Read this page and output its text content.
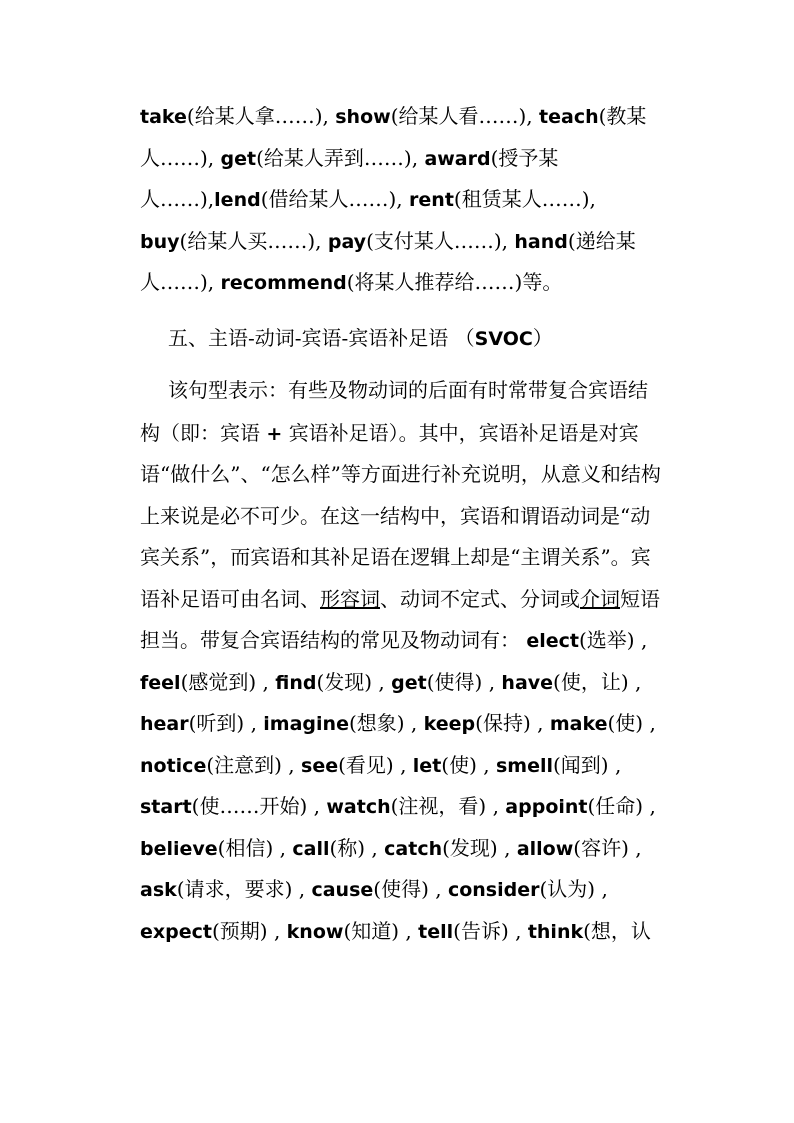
take(给某人拿……), show(给某人看……), teach(教某
人……), get(给某人弄到……), award(授予某
人……),lend(借给某人……), rent(租赁某人……),
buy(给某人买……), pay(支付某人……), hand(递给某
人……), recommend(将某人推荐给……)等。
五、主语-动词-宾语-宾语补足语 （SVOC）
该句型表示：有些及物动词的后面有时常带复合宾语结
构（即：宾语 + 宾语补足语）。其中，宾语补足语是对宾
语“做什么”、“怎么样”等方面进行补充说明，从意义和结构
上来说是必不可少。在这一结构中，宾语和谓语动词是“动
宾关系”，而宾语和其补足语在逻辑上却是“主谓关系”。宾
语补足语可由名词、形容词、动词不定式、分词或介词短语
担当。带复合宾语结构的常见及物动词有： elect(选举) ,
feel(感觉到) , find(发现) , get(使得) , have(使，让) ,
hear(听到) , imagine(想象) , keep(保持) , make(使) ,
notice(注意到) , see(看见) , let(使) , smell(闻到) ,
start(使……开始) , watch(注视，看) , appoint(任命) ,
believe(相信) , call(称) , catch(发现) , allow(容许) ,
ask(请求，要求) , cause(使得) , consider(认为) ,
expect(预期) , know(知道) , tell(告诉) , think(想，认
